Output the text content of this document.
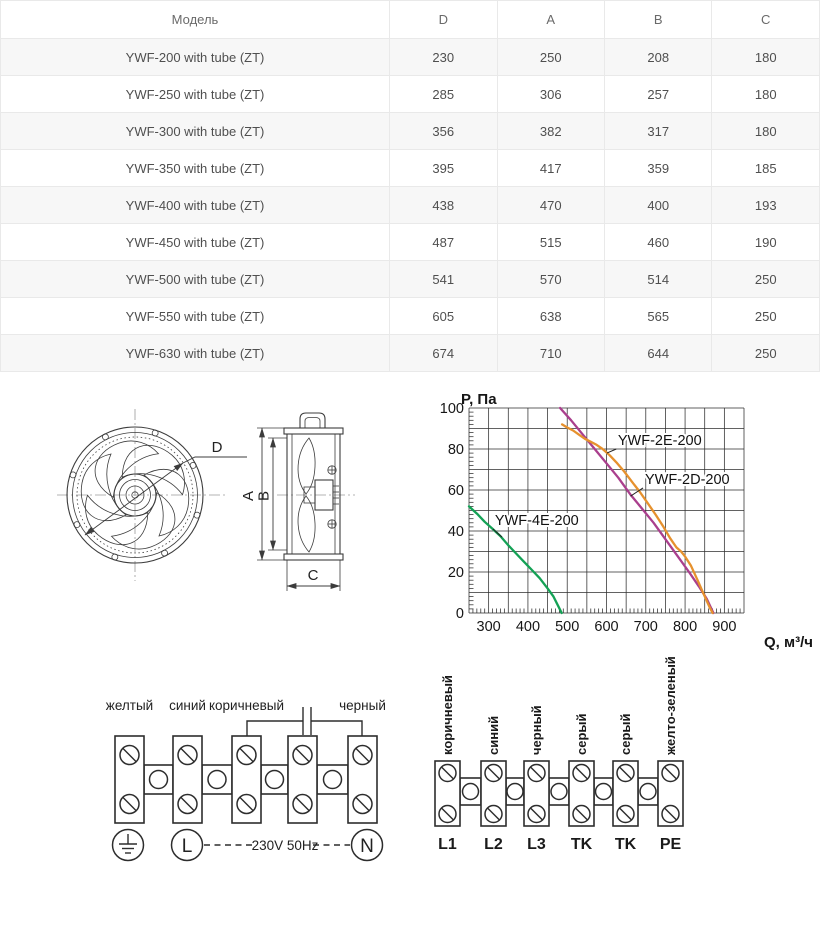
Модель	D	A	B	C
YWF-200 with tube (ZT)	230	250	208	180
YWF-250 with tube (ZT)	285	306	257	180
YWF-300 with tube (ZT)	356	382	317	180
YWF-350 with tube (ZT)	395	417	359	185
YWF-400 with tube (ZT)	438	470	400	193
YWF-450 with tube (ZT)	487	515	460	190
YWF-500 with tube (ZT)	541	570	514	250
YWF-550 with tube (ZT)	605	638	565	250
YWF-630 with tube (ZT)	674	710	644	250
D
A
B
C
P, Па
Q, м³/ч
300 400 500 600 700 800 900
0
20
40
60
80
100
YWF-4E-200
YWF-2D-200
YWF-2E-200
желтый синий коричневый	черный
L	N
230V 50Hz
коричневый
L1
синий
L2
черный
L3
серый
TK
серый
TK
желто-зеленый
PE
